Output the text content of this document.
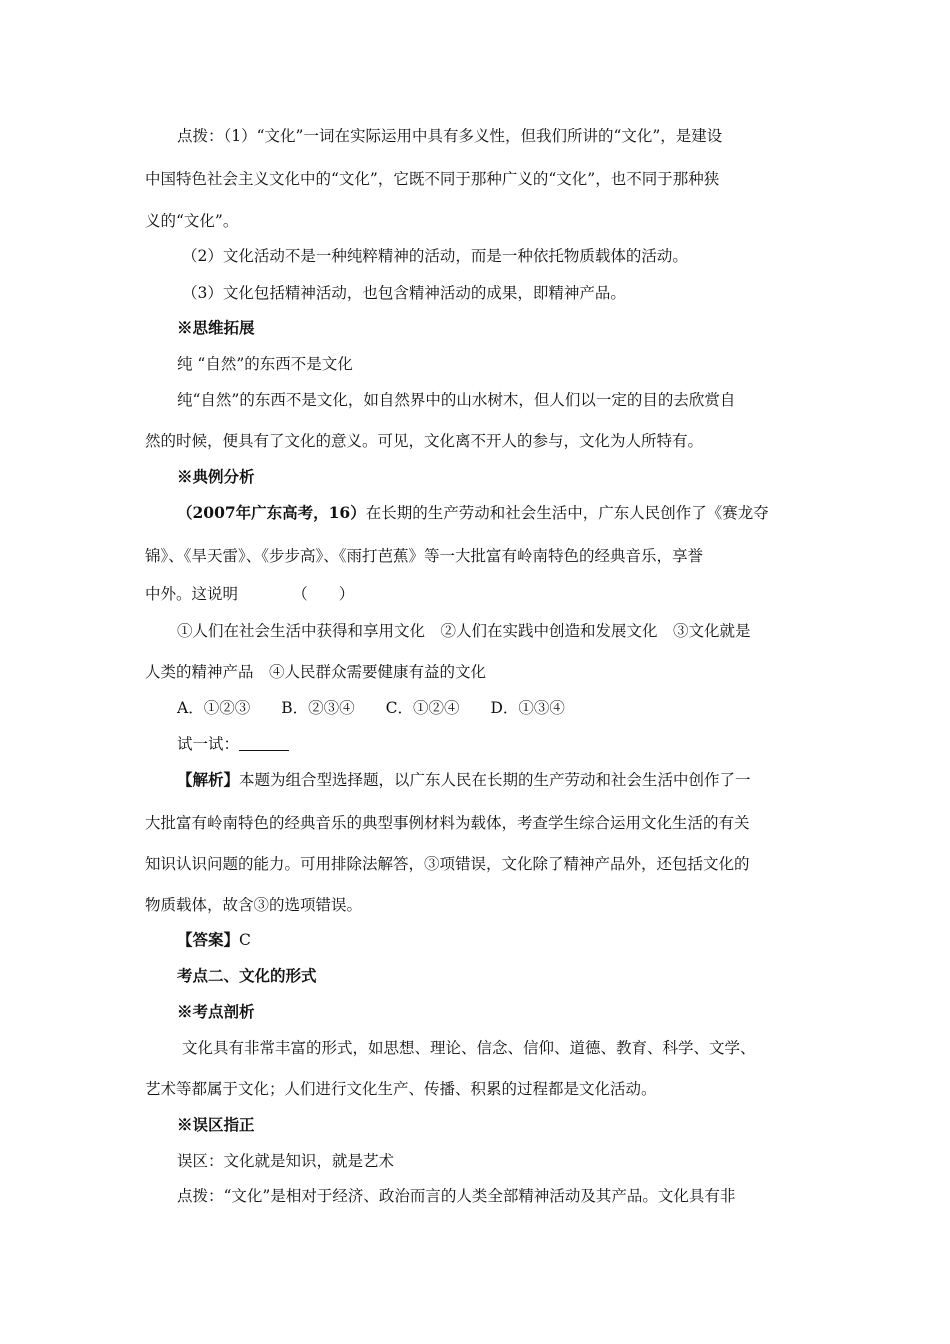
点拨：（1）“文化”一词在实际运用中具有多义性，但我们所讲的“文化”，是建设
中国特色社会主义文化中的“文化”，它既不同于那种广义的“文化”，也不同于那种狭
义的“文化”。
（2）文化活动不是一种纯粹精神的活动，而是一种依托物质载体的活动。
（3）文化包括精神活动，也包含精神活动的成果，即精神产品。
※思维拓展
纯 “自然”的东西不是文化
纯“自然”的东西不是文化，如自然界中的山水树木，但人们以一定的目的去欣赏自
然的时候，便具有了文化的意义。可见，文化离不开人的参与，文化为人所特有。
※典例分析
（2007年广东高考，16）在长期的生产劳动和社会生活中，广东人民创作了《赛龙夺
锦》、《旱天雷》、《步步高》、《雨打芭蕉》等一大批富有岭南特色的经典音乐，享誉
中外。这说明　　　　（　　）
①人们在社会生活中获得和享用文化　②人们在实践中创造和发展文化　③文化就是
人类的精神产品　④人民群众需要健康有益的文化
A．①②③　　B．②③④　　C．①②④　　D．①③④
试一试：
【解析】本题为组合型选择题，以广东人民在长期的生产劳动和社会生活中创作了一
大批富有岭南特色的经典音乐的典型事例材料为载体，考查学生综合运用文化生活的有关
知识认识问题的能力。可用排除法解答，③项错误，文化除了精神产品外，还包括文化的
物质载体，故含③的选项错误。
【答案】C
考点二、文化的形式
※考点剖析
文化具有非常丰富的形式，如思想、理论、信念、信仰、道德、教育、科学、文学、
艺术等都属于文化；人们进行文化生产、传播、积累的过程都是文化活动。
※误区指正
误区：文化就是知识，就是艺术
点拨：“文化”是相对于经济、政治而言的人类全部精神活动及其产品。文化具有非
